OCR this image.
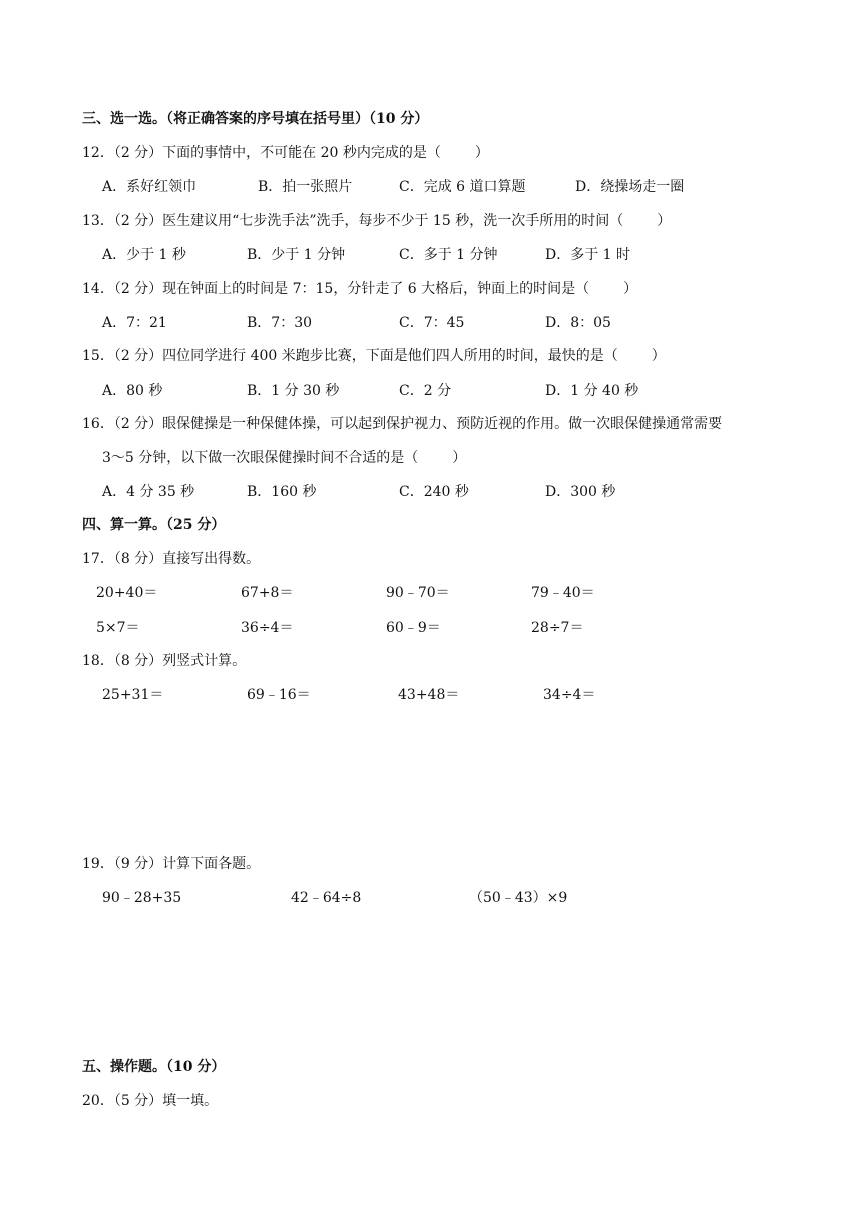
三、选一选。（将正确答案的序号填在括号里）（10 分）
12．（2 分）下面的事情中，不可能在 20 秒内完成的是（ ）
A．系好红领巾	B．拍一张照片	C．完成 6 道口算题	D．绕操场走一圈
13．（2 分）医生建议用“七步洗手法”洗手，每步不少于 15 秒，洗一次手所用的时间（ ）
A．少于 1 秒	B．少于 1 分钟	C．多于 1 分钟	D．多于 1 时
14．（2 分）现在钟面上的时间是 7：15，分针走了 6 大格后，钟面上的时间是（ ）
A．7：21	B．7：30	C．7：45	D．8：05
15．（2 分）四位同学进行 400 米跑步比赛，下面是他们四人所用的时间，最快的是（ ）
A．80 秒	B．1 分 30 秒	C．2 分	D．1 分 40 秒
16．（2 分）眼保健操是一种保健体操，可以起到保护视力、预防近视的作用。做一次眼保健操通常需要
3～5 分钟，以下做一次眼保健操时间不合适的是（ ）
A．4 分 35 秒	B．160 秒	C．240 秒	D．300 秒
四、算一算。（25 分）
17．（8 分）直接写出得数。
20+40＝	67+8＝	90﹣70＝	79﹣40＝
5×7＝	36÷4＝	60﹣9＝	28÷7＝
18．（8 分）列竖式计算。
25+31＝	69﹣16＝	43+48＝	34÷4＝
19．（9 分）计算下面各题。
90﹣28+35	42﹣64÷8	（50﹣43）×9
五、操作题。（10 分）
20．（5 分）填一填。
